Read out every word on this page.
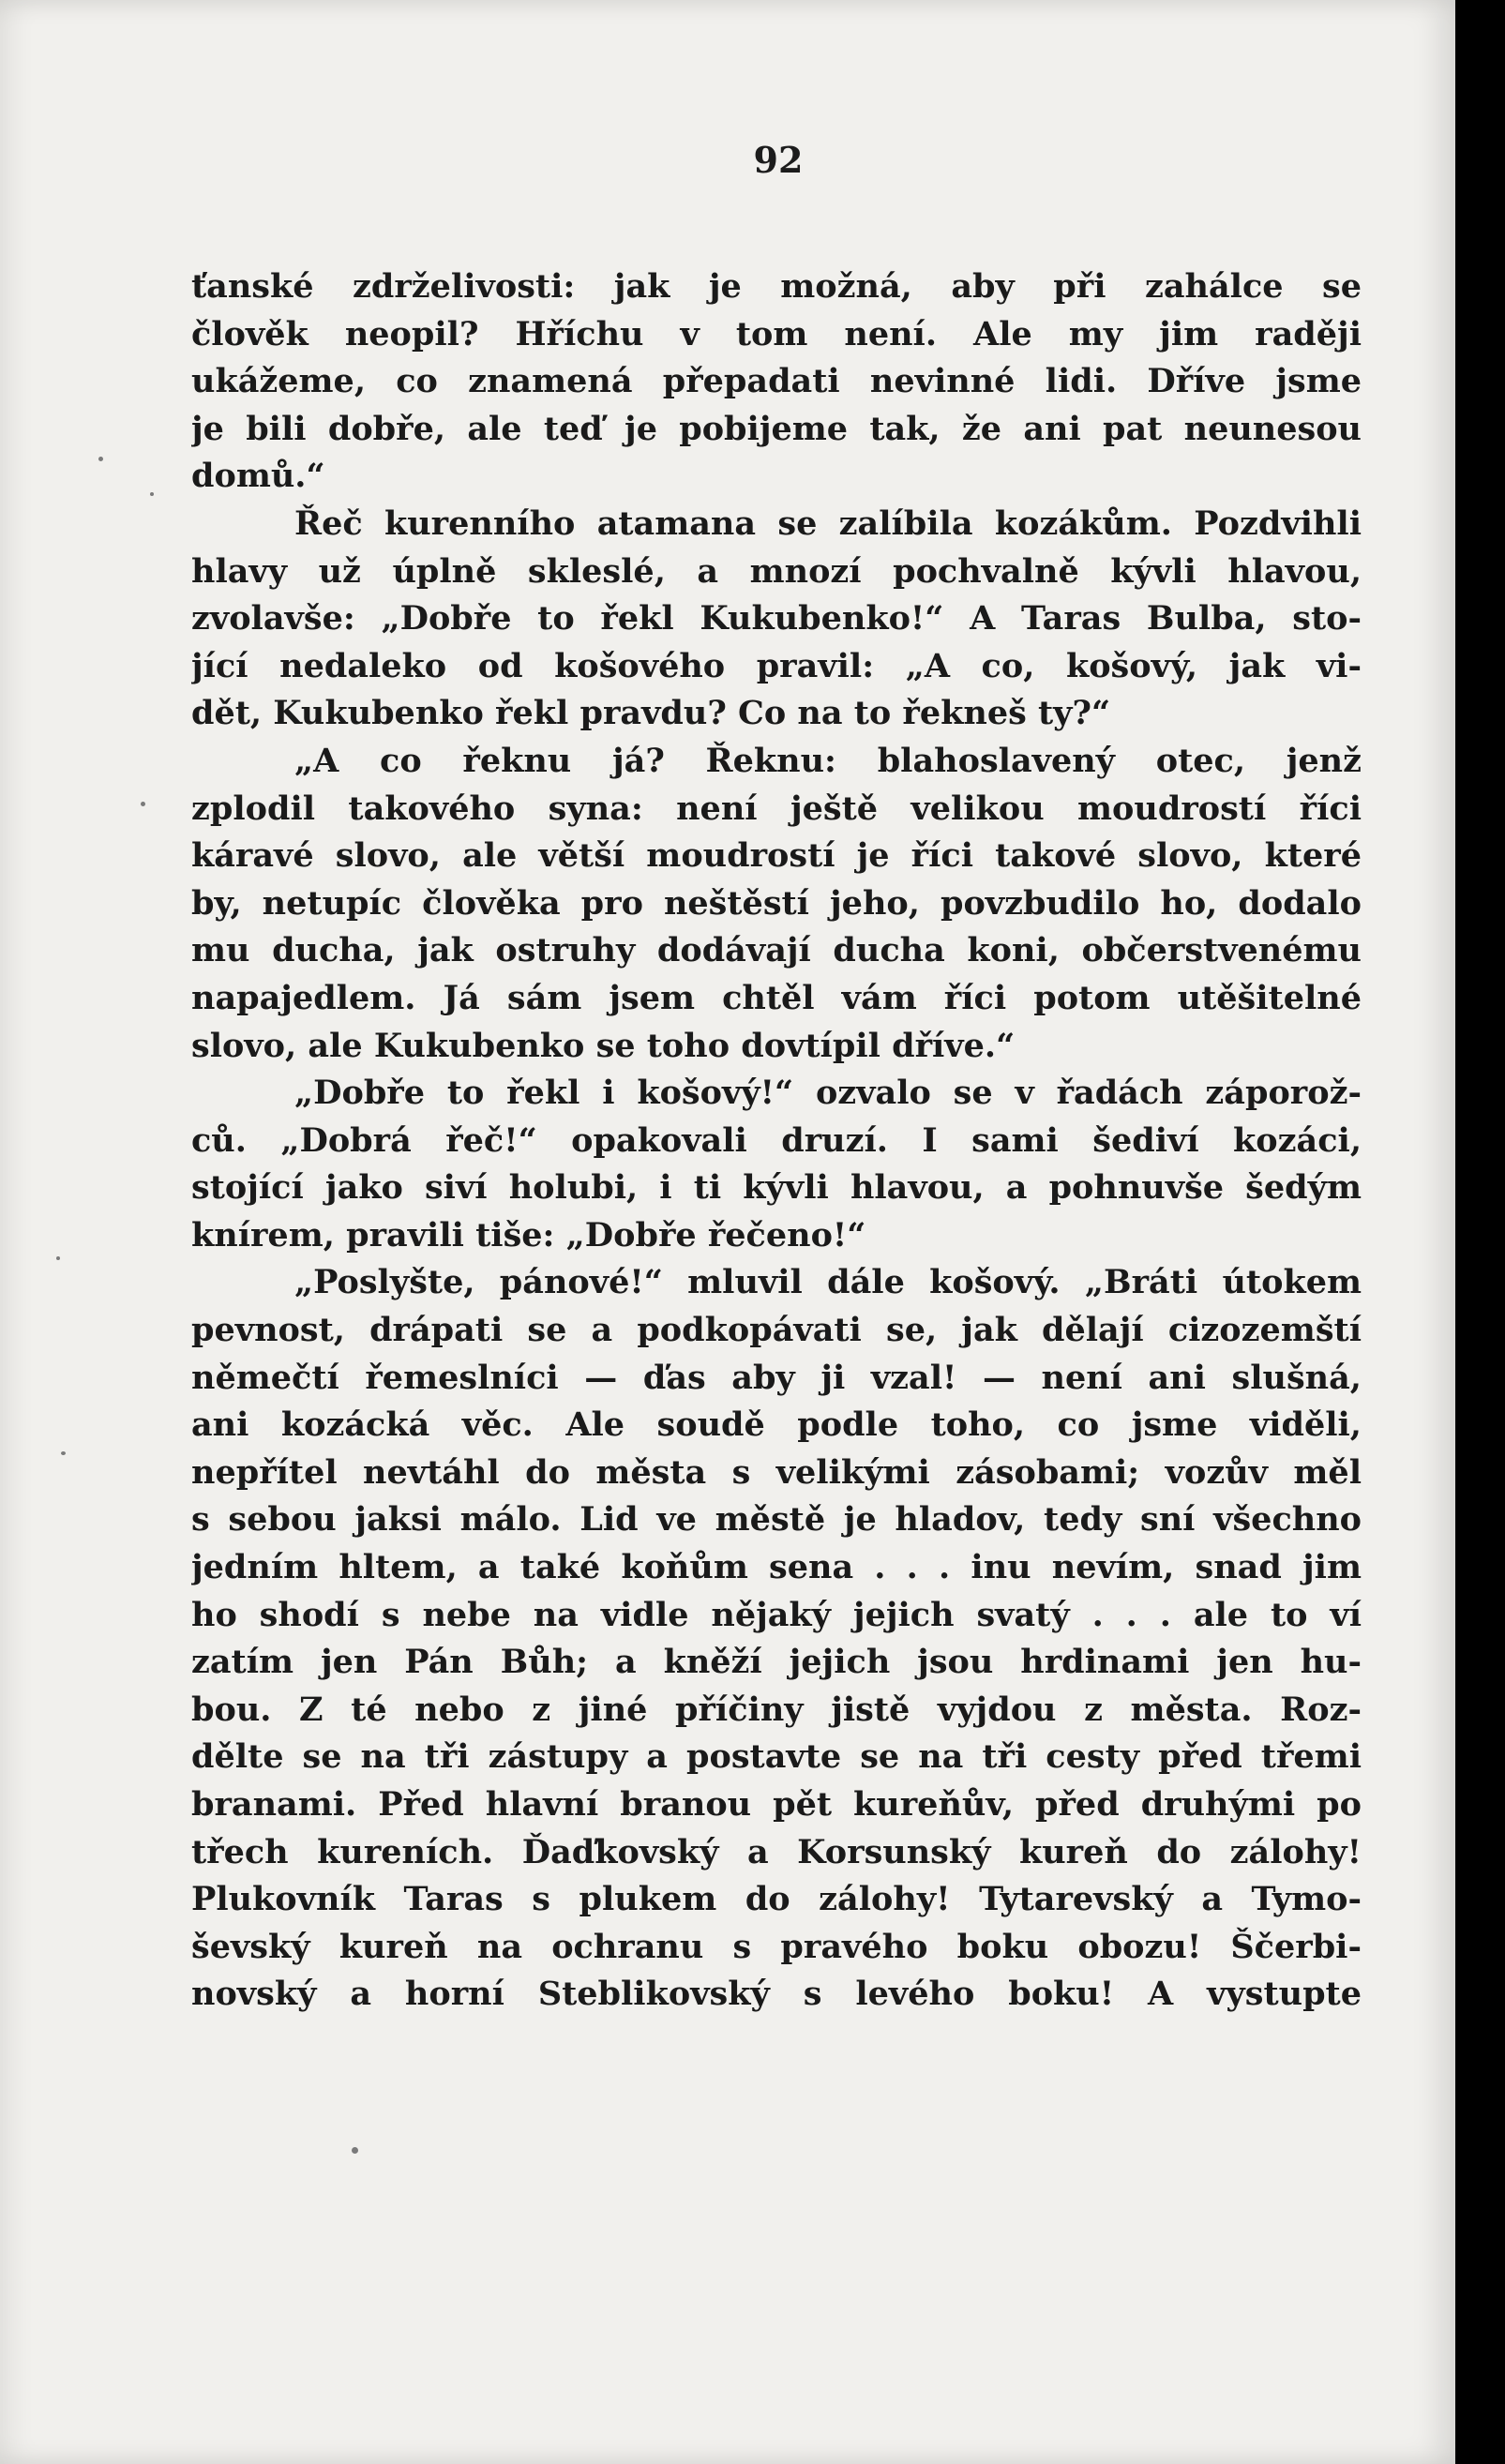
92
ťanské zdrželivosti: jak je možná, aby při zahálce se
člověk neopil? Hříchu v tom není. Ale my jim raději
ukážeme, co znamená přepadati nevinné lidi. Dříve jsme
je bili dobře, ale teď je pobijeme tak, že ani pat neunesou
domů.“
Řeč kurenního atamana se zalíbila kozákům. Pozdvihli
hlavy už úplně skleslé, a mnozí pochvalně kývli hlavou,
zvolavše: „Dobře to řekl Kukubenko!“ A Taras Bulba, sto-
jící nedaleko od košového pravil: „A co, košový, jak vi-
dět, Kukubenko řekl pravdu? Co na to řekneš ty?“
„A co řeknu já? Řeknu: blahoslavený otec, jenž
zplodil takového syna: není ještě velikou moudrostí říci
káravé slovo, ale větší moudrostí je říci takové slovo, které
by, netupíc člověka pro neštěstí jeho, povzbudilo ho, dodalo
mu ducha, jak ostruhy dodávají ducha koni, občerstvenému
napajedlem. Já sám jsem chtěl vám říci potom utěšitelné
slovo, ale Kukubenko se toho dovtípil dříve.“
„Dobře to řekl i košový!“ ozvalo se v řadách záporož-
ců. „Dobrá řeč!“ opakovali druzí. I sami šediví kozáci,
stojící jako siví holubi, i ti kývli hlavou, a pohnuvše šedým
knírem, pravili tiše: „Dobře řečeno!“
„Poslyšte, pánové!“ mluvil dále košový. „Bráti útokem
pevnost, drápati se a podkopávati se, jak dělají cizozemští
němečtí řemeslníci — ďas aby ji vzal! — není ani slušná,
ani kozácká věc. Ale soudě podle toho, co jsme viděli,
nepřítel nevtáhl do města s velikými zásobami; vozův měl
s sebou jaksi málo. Lid ve městě je hladov, tedy sní všechno
jedním hltem, a také koňům sena . . . inu nevím, snad jim
ho shodí s nebe na vidle nějaký jejich svatý . . . ale to ví
zatím jen Pán Bůh; a kněží jejich jsou hrdinami jen hu-
bou. Z té nebo z jiné příčiny jistě vyjdou z města. Roz-
dělte se na tři zástupy a postavte se na tři cesty před třemi
branami. Před hlavní branou pět kureňův, před druhými po
třech kureních. Ďaďkovský a Korsunský kureň do zálohy!
Plukovník Taras s plukem do zálohy! Tytarevský a Tymo-
ševský kureň na ochranu s pravého boku obozu! Ščerbi-
novský a horní Steblikovský s levého boku! A vystupte
